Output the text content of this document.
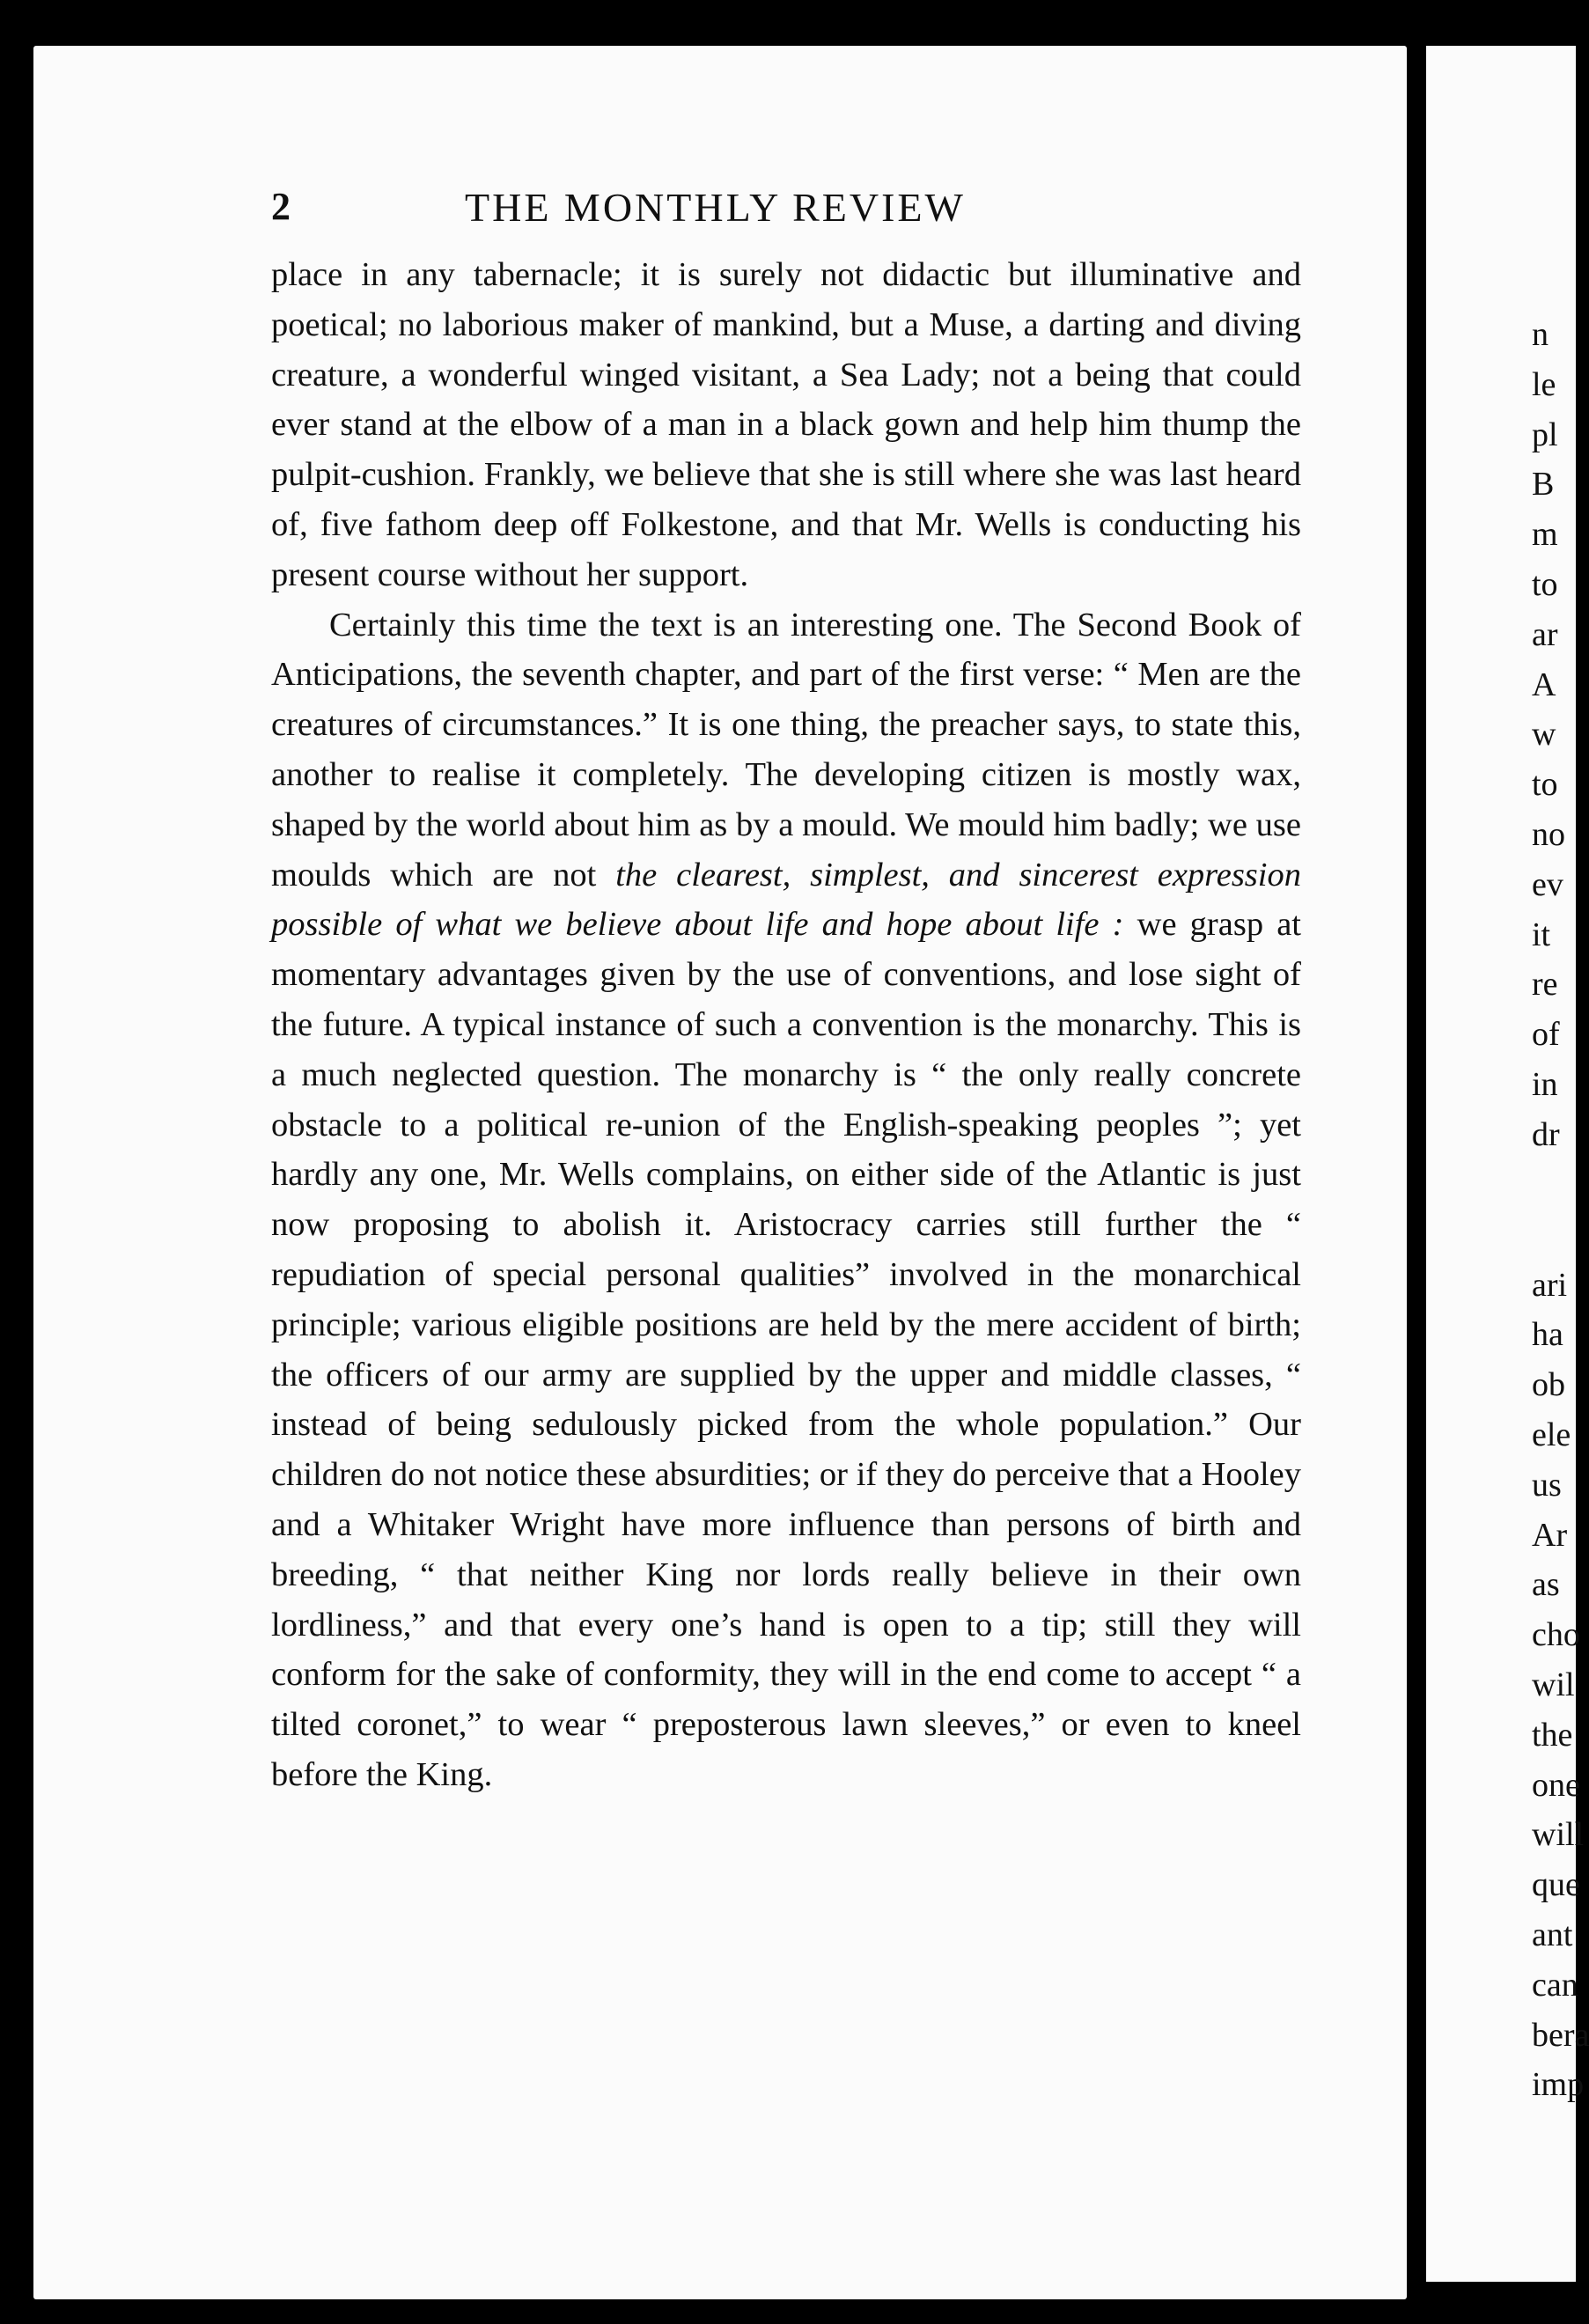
2	THE MONTHLY REVIEW

place in any tabernacle; it is surely not didactic but illuminative and poetical; no laborious maker of mankind, but a Muse, a darting and diving creature, a wonderful winged visitant, a Sea Lady; not a being that could ever stand at the elbow of a man in a black gown and help him thump the pulpit-cushion. Frankly, we believe that she is still where she was last heard of, five fathom deep off Folkestone, and that Mr. Wells is conducting his present course without her support.

Certainly this time the text is an interesting one. The Second Book of Anticipations, the seventh chapter, and part of the first verse: “ Men are the creatures of circumstances.” It is one thing, the preacher says, to state this, another to realise it completely. The developing citizen is mostly wax, shaped by the world about him as by a mould. We mould him badly; we use moulds which are not the clearest, simplest, and sincerest expression possible of what we believe about life and hope about life : we grasp at momentary advantages given by the use of conventions, and lose sight of the future. A typical instance of such a convention is the monarchy. This is a much neglected question. The monarchy is “ the only really concrete obstacle to a political re-union of the English-speaking peoples ”; yet hardly any one, Mr. Wells complains, on either side of the Atlantic is just now proposing to abolish it. Aristocracy carries still further the “ repudiation of special personal qualities” involved in the monarchical principle; various eligible positions are held by the mere accident of birth; the officers of our army are supplied by the upper and middle classes, “ instead of being sedulously picked from the whole population.” Our children do not notice these absurdities; or if they do perceive that a Hooley and a Whitaker Wright have more influence than persons of birth and breeding, “ that neither King nor lords really believe in their own lordliness,” and that every one’s hand is open to a tip; still they will conform for the sake of conformity, they will in the end come to accept “ a tilted coronet,” to wear “ preposterous lawn sleeves,” or even to kneel before the King.

n
le
pl
B
m
to
ar
A
w
to
no
ev
it
re
of
in
dr
ari
ha
ob
ele
us
Ar
as
cho
wil
the
one
will
que
ant
can
bera
imp
